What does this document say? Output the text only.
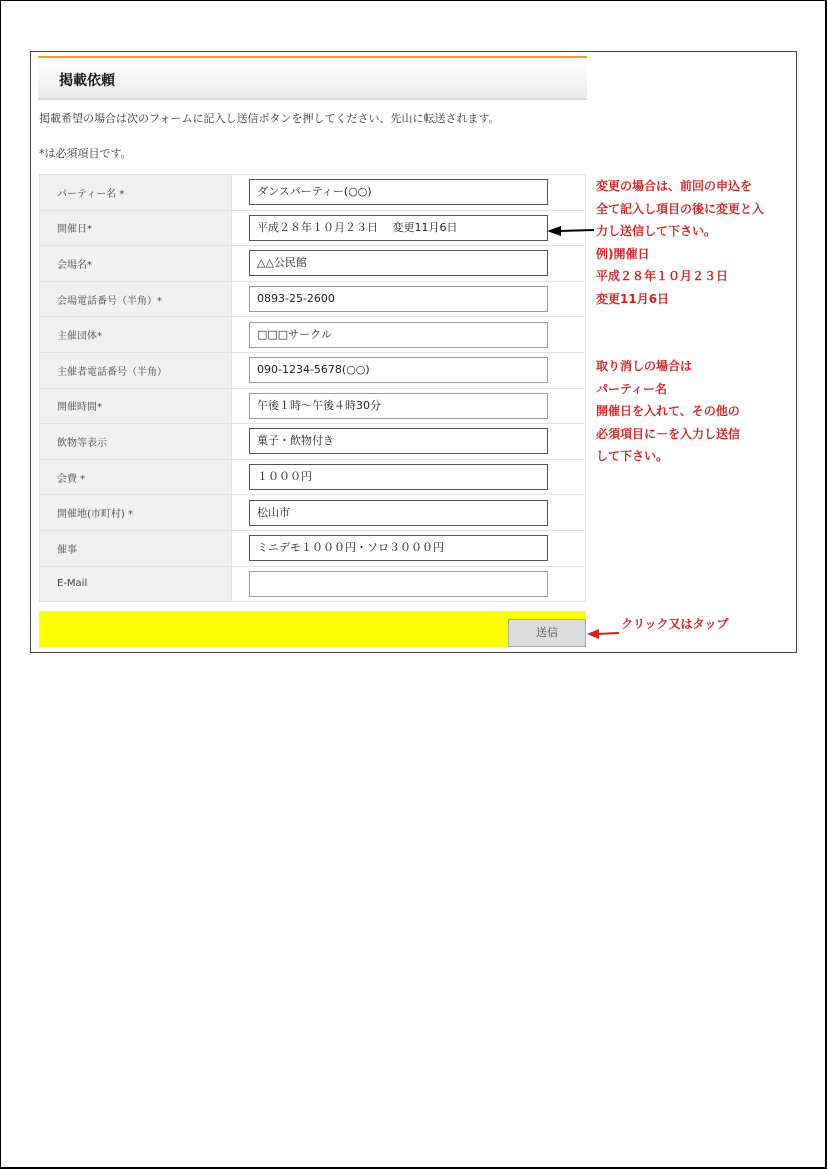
掲載依頼
掲載希望の場合は次のフォームに記入し送信ボタンを押してください、先山に転送されます。
*は必須項目です。
パーティー名 *	ダンスパーティー(○○)

開催日*	平成２８年１０月２３日　 変更11月6日

会場名*	△△公民館

会場電話番号（半角）*	0893-25-2600

主催団体*	□□□サークル

主催者電話番号（半角）	090-1234-5678(○○)

開催時間*	午後１時～午後４時30分

飲物等表示	菓子・飲物付き

会費 *	１０００円

開催地(市町村) *	松山市

催事	ミニデモ１０００円・ソロ３０００円

E-Mail	
送信
変更の場合は、前回の申込を
全て記入し項目の後に変更と入
力し送信して下さい。
例)開催日
平成２８年１０月２３日
変更11月6日
取り消しの場合は
パーティー名
開催日を入れて、その他の
必須項目に－を入力し送信
して下さい。
クリック又はタップ
